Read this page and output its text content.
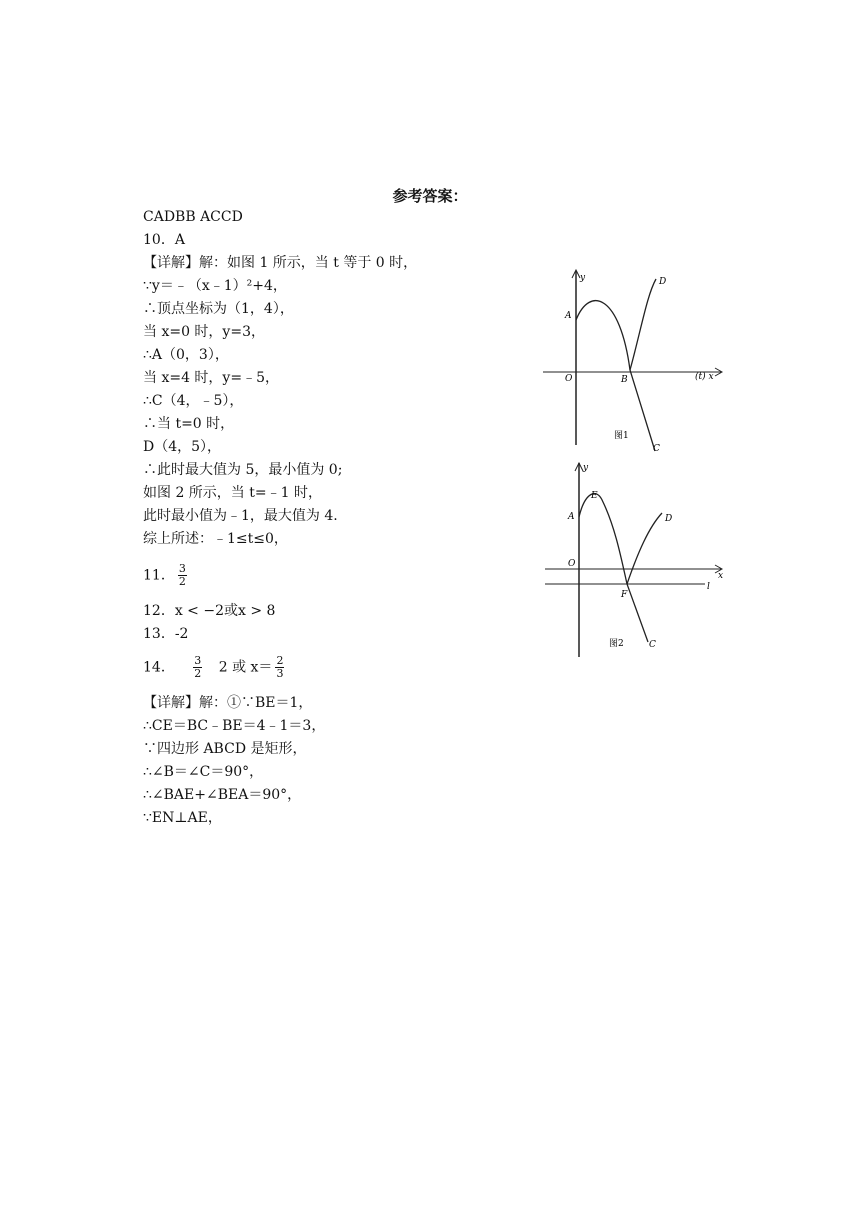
参考答案：
CADBB ACCD
10．A
【详解】解：如图 1 所示，当 t 等于 0 时，
∵y＝﹣（x﹣1）²+4，
∴顶点坐标为（1，4），
当 x=0 时，y=3，
∴A（0，3），
当 x=4 时，y=﹣5，
∴C（4，﹣5），
∴当 t=0 时，
D（4，5），
∴此时最大值为 5，最小值为 0;
如图 2 所示，当 t=﹣1 时，
此时最小值为﹣1，最大值为 4.
综上所述：﹣1≤t≤0，
11． $\frac{3}{2}$
12．x < −2或x > 8
13．-2
14． $\frac{3}{2} 2$ 或 $x= \frac{2}{3}$
【详解】解：①∵BE＝1，
∴CE＝BC﹣BE＝4﹣1＝3，
∵四边形 ABCD 是矩形，
∴∠B＝∠C＝90°，
∴∠BAE+∠BEA＝90°，
∵EN⊥AE，
y
(t) x
O
A
B
D
C
图1
y
x
l
O
A
E
F
D
C
图2
